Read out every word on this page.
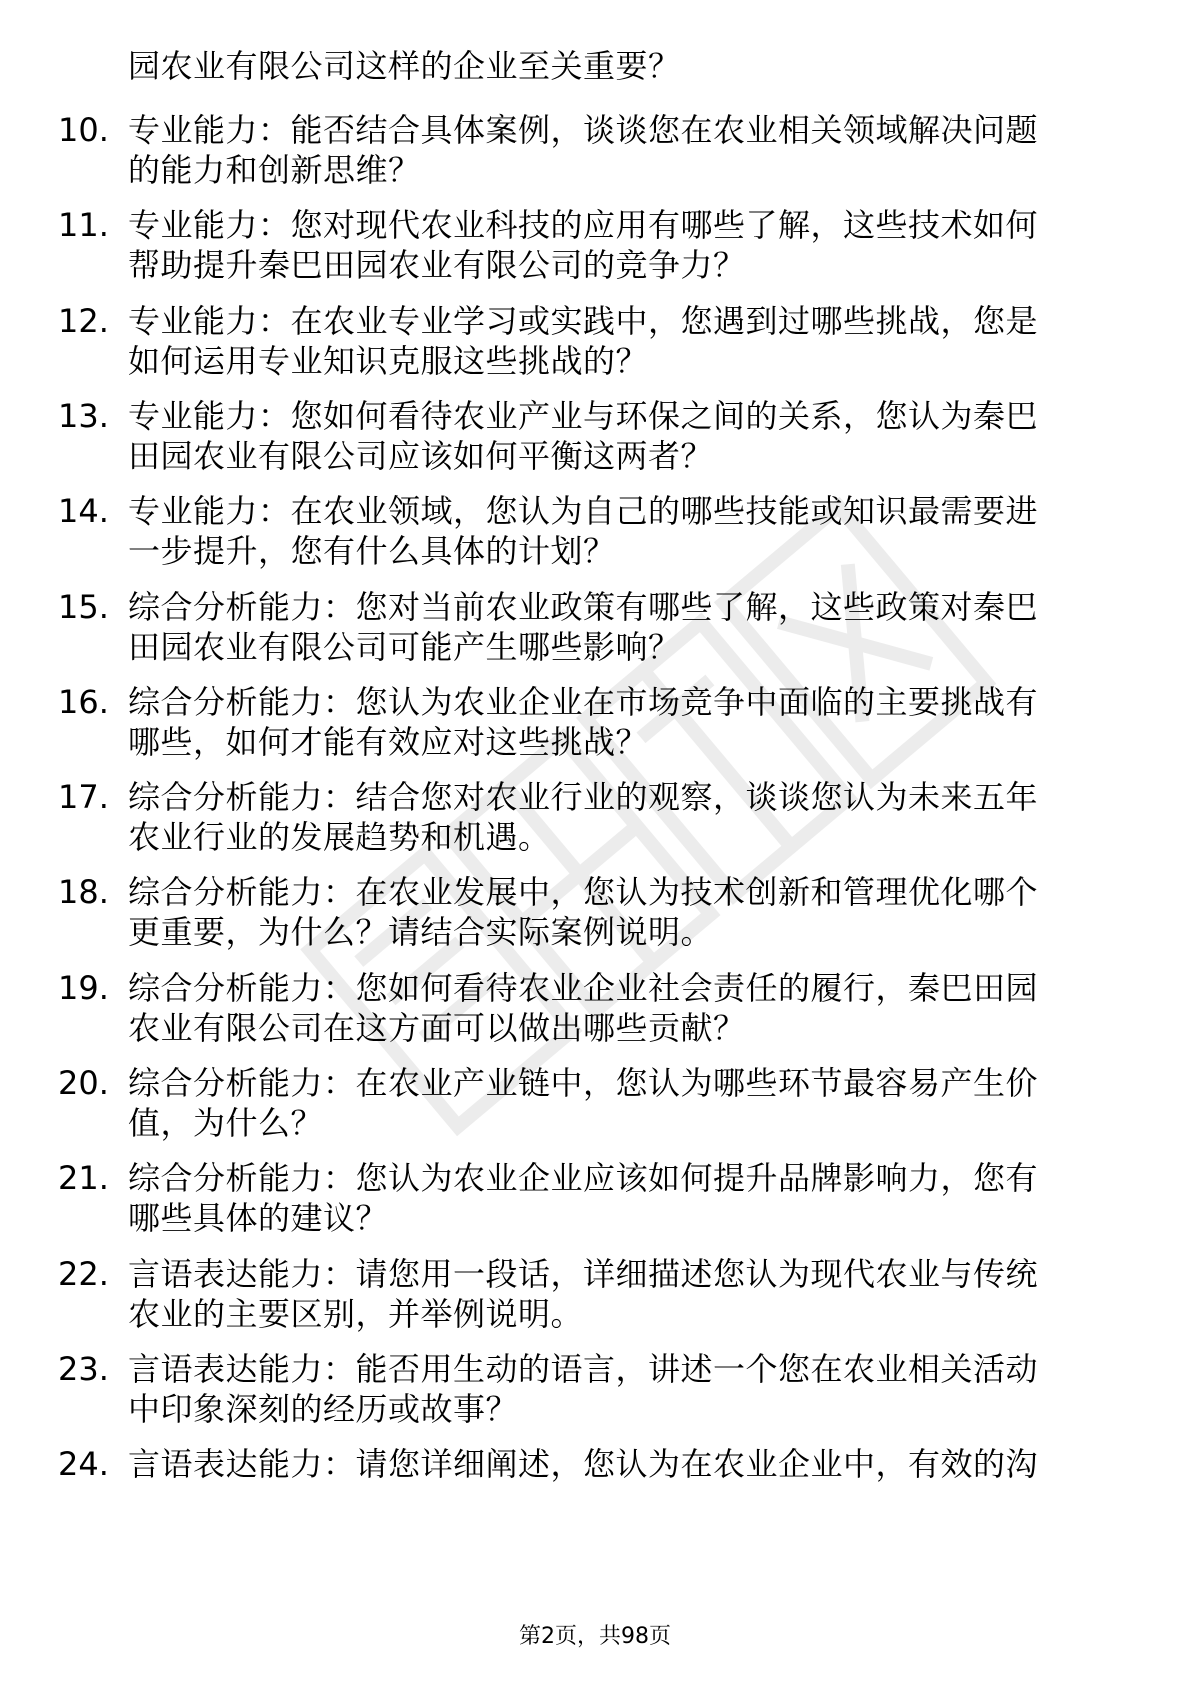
园农业有限公司这样的企业至关重要？
10. 专业能力：能否结合具体案例，谈谈您在农业相关领域解决问题
的能力和创新思维？
11. 专业能力：您对现代农业科技的应用有哪些了解，这些技术如何
帮助提升秦巴田园农业有限公司的竞争力？
12. 专业能力：在农业专业学习或实践中，您遇到过哪些挑战，您是
如何运用专业知识克服这些挑战的？
13. 专业能力：您如何看待农业产业与环保之间的关系，您认为秦巴
田园农业有限公司应该如何平衡这两者？
14. 专业能力：在农业领域，您认为自己的哪些技能或知识最需要进
一步提升，您有什么具体的计划？
15. 综合分析能力：您对当前农业政策有哪些了解，这些政策对秦巴
田园农业有限公司可能产生哪些影响？
16. 综合分析能力：您认为农业企业在市场竞争中面临的主要挑战有
哪些，如何才能有效应对这些挑战？
17. 综合分析能力：结合您对农业行业的观察，谈谈您认为未来五年
农业行业的发展趋势和机遇。
18. 综合分析能力：在农业发展中，您认为技术创新和管理优化哪个
更重要，为什么？请结合实际案例说明。
19. 综合分析能力：您如何看待农业企业社会责任的履行，秦巴田园
农业有限公司在这方面可以做出哪些贡献？
20. 综合分析能力：在农业产业链中，您认为哪些环节最容易产生价
值，为什么？
21. 综合分析能力：您认为农业企业应该如何提升品牌影响力，您有
哪些具体的建议？
22. 言语表达能力：请您用一段话，详细描述您认为现代农业与传统
农业的主要区别，并举例说明。
23. 言语表达能力：能否用生动的语言，讲述一个您在农业相关活动
中印象深刻的经历或故事？
24. 言语表达能力：请您详细阐述，您认为在农业企业中，有效的沟
第2页，共98页
